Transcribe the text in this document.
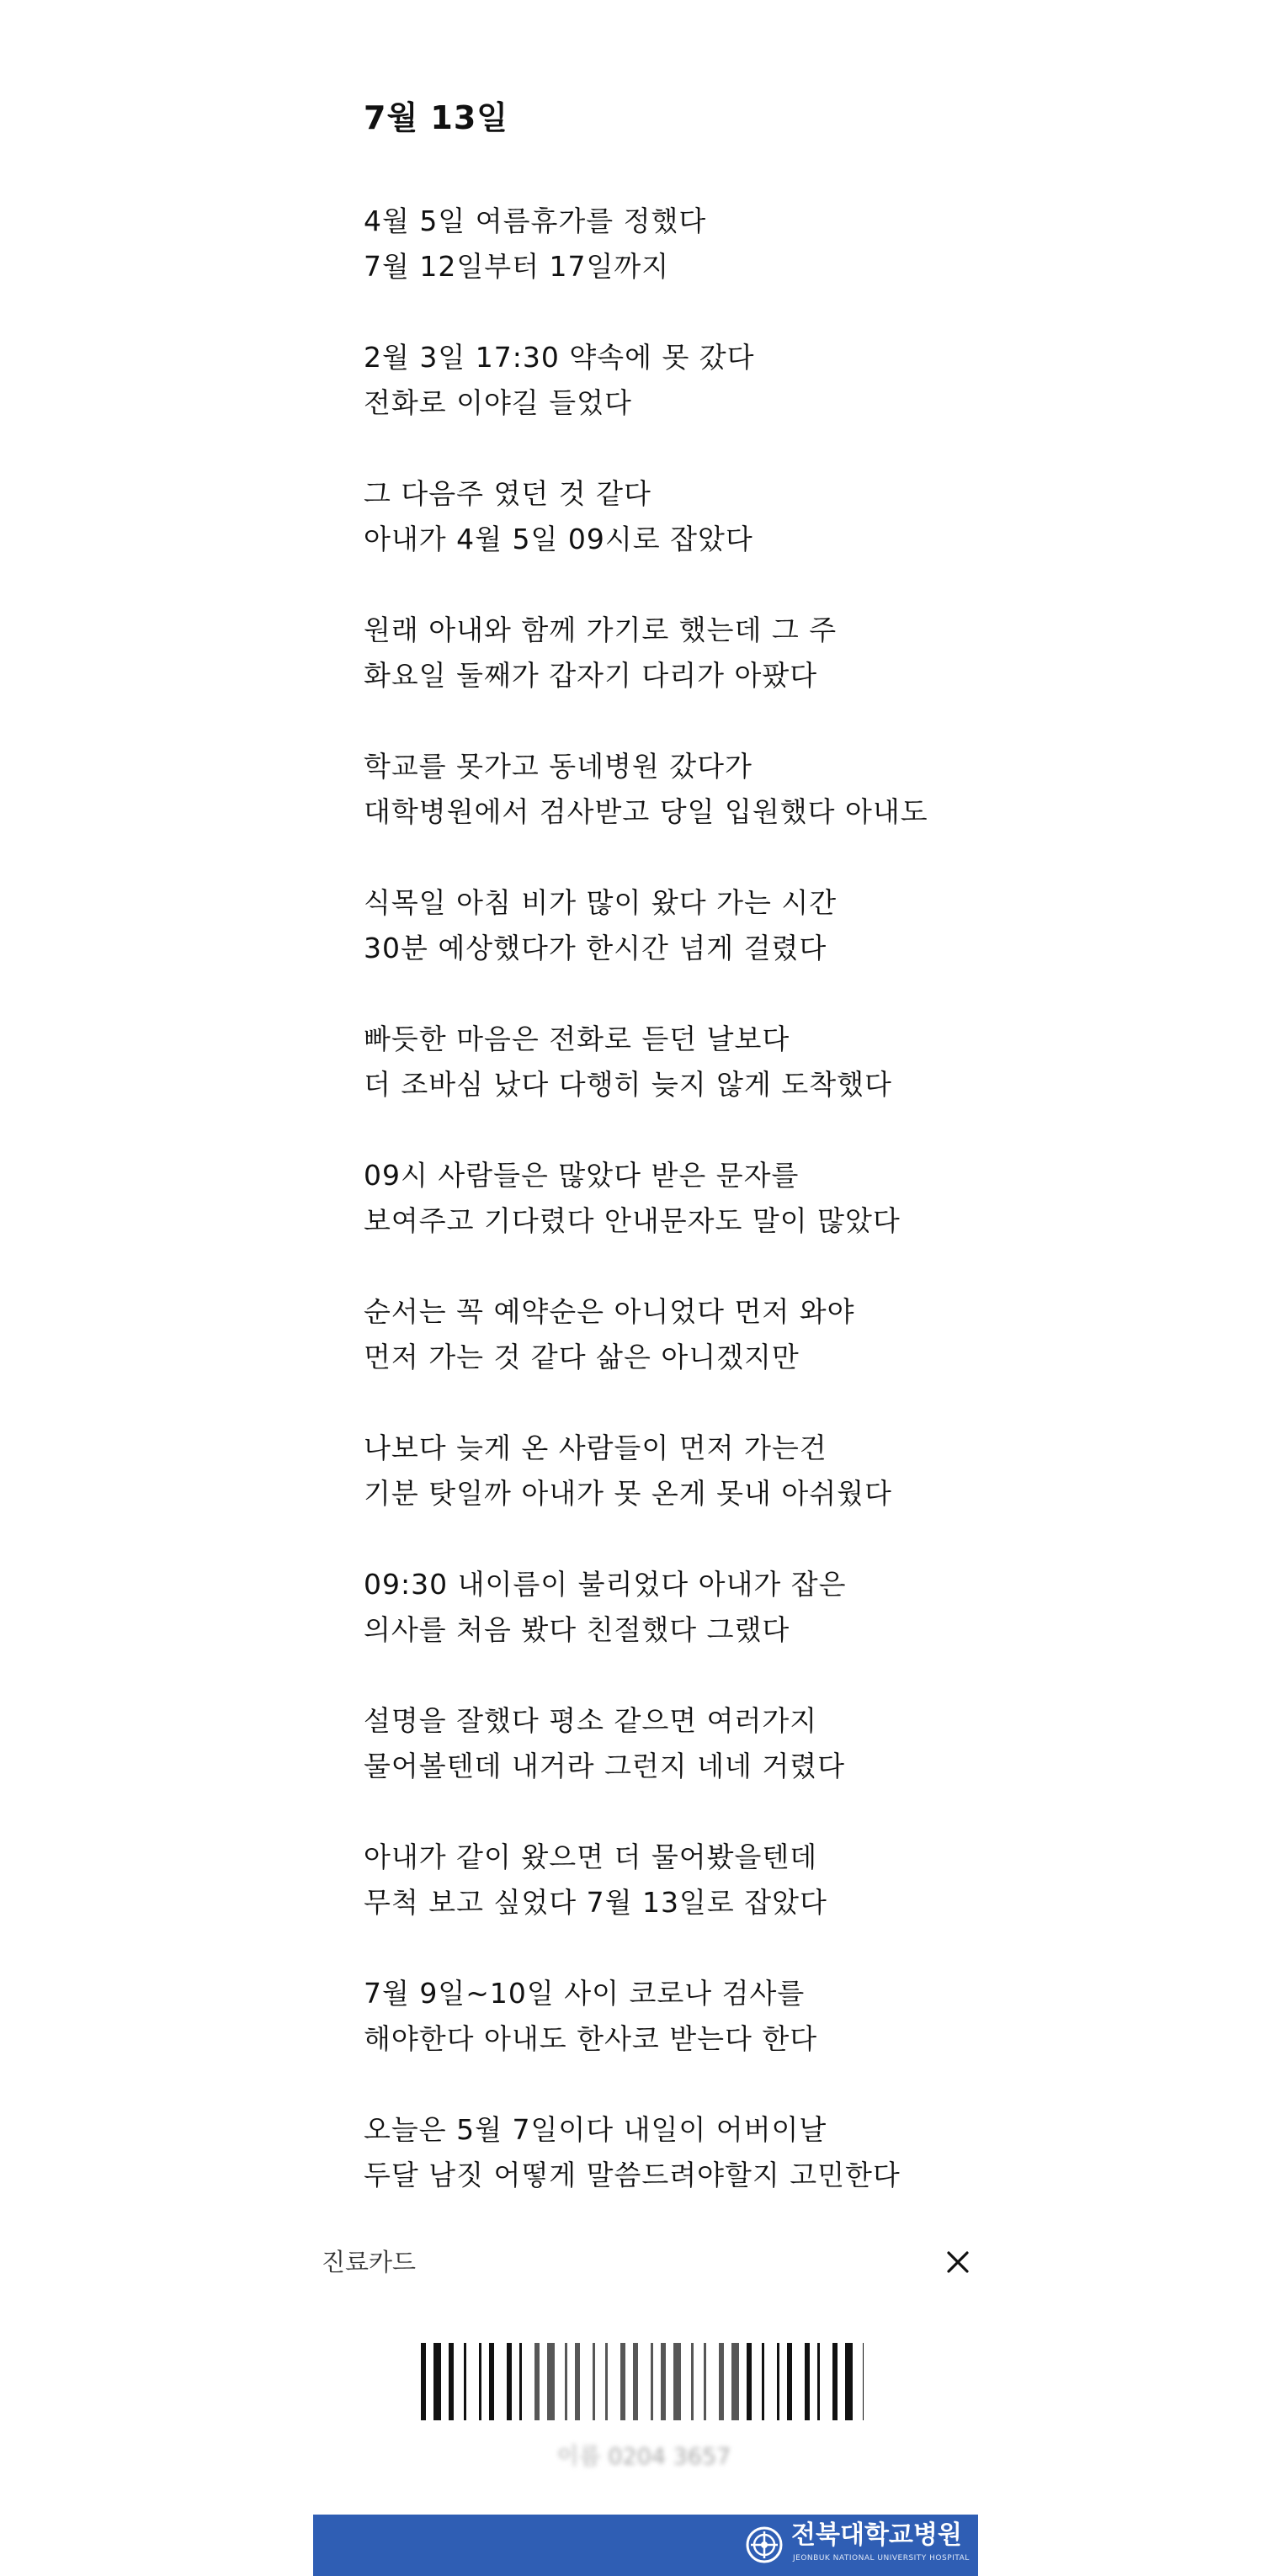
7월 13일
4월 5일 여름휴가를 정했다
7월 12일부터 17일까지
2월 3일 17:30 약속에 못 갔다
전화로 이야길 들었다
그 다음주 였던 것 같다
아내가 4월 5일 09시로 잡았다
원래 아내와 함께 가기로 했는데 그 주
화요일 둘째가 갑자기 다리가 아팠다
학교를 못가고 동네병원 갔다가
대학병원에서 검사받고 당일 입원했다 아내도
식목일 아침 비가 많이 왔다 가는 시간
30분 예상했다가 한시간 넘게 걸렸다
빠듯한 마음은 전화로 듣던 날보다
더 조바심 났다 다행히 늦지 않게 도착했다
09시 사람들은 많았다 받은 문자를
보여주고 기다렸다 안내문자도 말이 많았다
순서는 꼭 예약순은 아니었다 먼저 와야
먼저 가는 것 같다 삶은 아니겠지만
나보다 늦게 온 사람들이 먼저 가는건
기분 탓일까 아내가 못 온게 못내 아쉬웠다
09:30 내이름이 불리었다 아내가 잡은
의사를 처음 봤다 친절했다 그랬다
설명을 잘했다 평소 같으면 여러가지
물어볼텐데 내거라 그런지 네네 거렸다
아내가 같이 왔으면 더 물어봤을텐데
무척 보고 싶었다 7월 13일로 잡았다
7월 9일~10일 사이 코로나 검사를
해야한다 아내도 한사코 받는다 한다
오늘은 5월 7일이다 내일이 어버이날
두달 남짓 어떻게 말씀드려야할지 고민한다
진료카드
이름 0204 3657
전북대학교병원
JEONBUK NATIONAL UNIVERSITY HOSPITAL
